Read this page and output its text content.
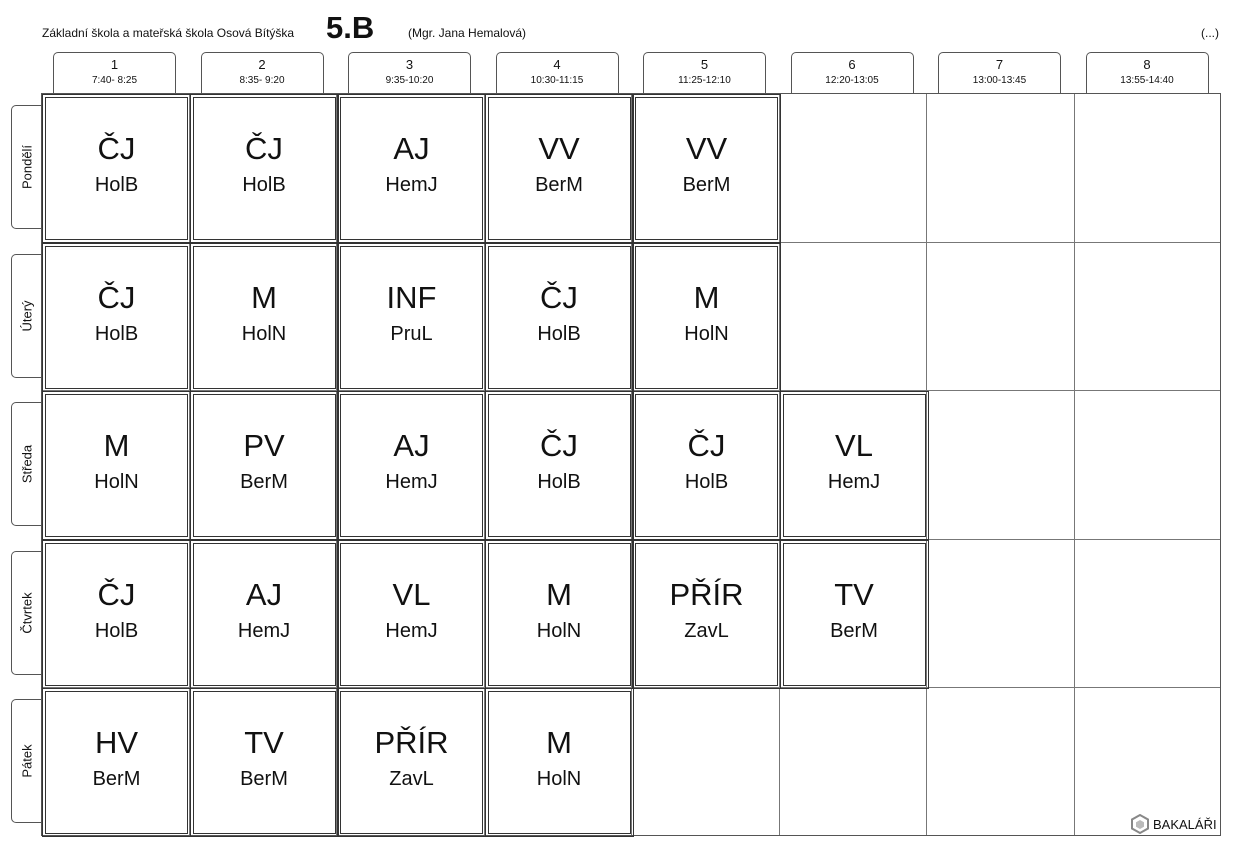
Základní škola a mateřská škola Osová Bítýška 5.B	(Mgr. Jana Hemalová)	(...)
1
7:40- 8:25
2
8:35- 9:20
3
9:35-10:20
4
10:30-11:15
5
11:25-12:10
6
12:20-13:05
7
13:00-13:45
8
13:55-14:40
Pondělí
Úterý
Středa
Čtvrtek
Pátek
ČJ
HolB
ČJ
HolB
AJ
HemJ
VV
BerM
VV
BerM
ČJ
HolB
M
HolN
INF
PruL
ČJ
HolB
M
HolN
M
HolN
PV
BerM
AJ
HemJ
ČJ
HolB
ČJ
HolB
VL
HemJ
ČJ
HolB
AJ
HemJ
VL
HemJ
M
HolN
PŘÍR
ZavL
TV
BerM
HV
BerM
TV
BerM
PŘÍR
ZavL
M
HolN
BAKALÁŘI
